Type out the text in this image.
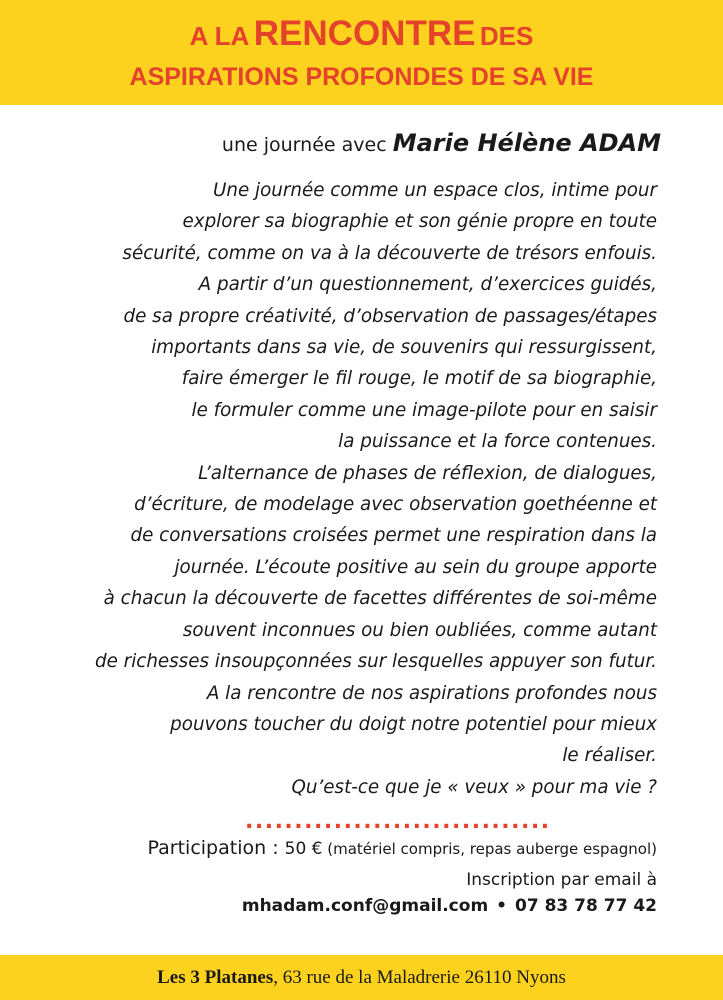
A LA RENCONTRE DES
ASPIRATIONS PROFONDES DE SA VIE
une journée avec Marie Hélène ADAM
Une journée comme un espace clos, intime pour
explorer sa biographie et son génie propre en toute
sécurité, comme on va à la découverte de trésors enfouis.
A partir d’un questionnement, d’exercices guidés,
de sa propre créativité, d’observation de passages/étapes
importants dans sa vie, de souvenirs qui ressurgissent,
faire émerger le fil rouge, le motif de sa biographie,
le formuler comme une image-pilote pour en saisir
la puissance et la force contenues.
L’alternance de phases de réflexion, de dialogues,
d’écriture, de modelage avec observation goethéenne et
de conversations croisées permet une respiration dans la
journée. L’écoute positive au sein du groupe apporte
à chacun la découverte de facettes différentes de soi-même
souvent inconnues ou bien oubliées, comme autant
de richesses insoupçonnées sur lesquelles appuyer son futur.
A la rencontre de nos aspirations profondes nous
pouvons toucher du doigt notre potentiel pour mieux
le réaliser.
Qu’est-ce que je « veux » pour ma vie ?
...............................
Participation : 50 € (matériel compris, repas auberge espagnol)
Inscription par email à
mhadam.conf@gmail.com • 07 83 78 77 42
Les 3 Platanes, 63 rue de la Maladrerie 26110 Nyons
